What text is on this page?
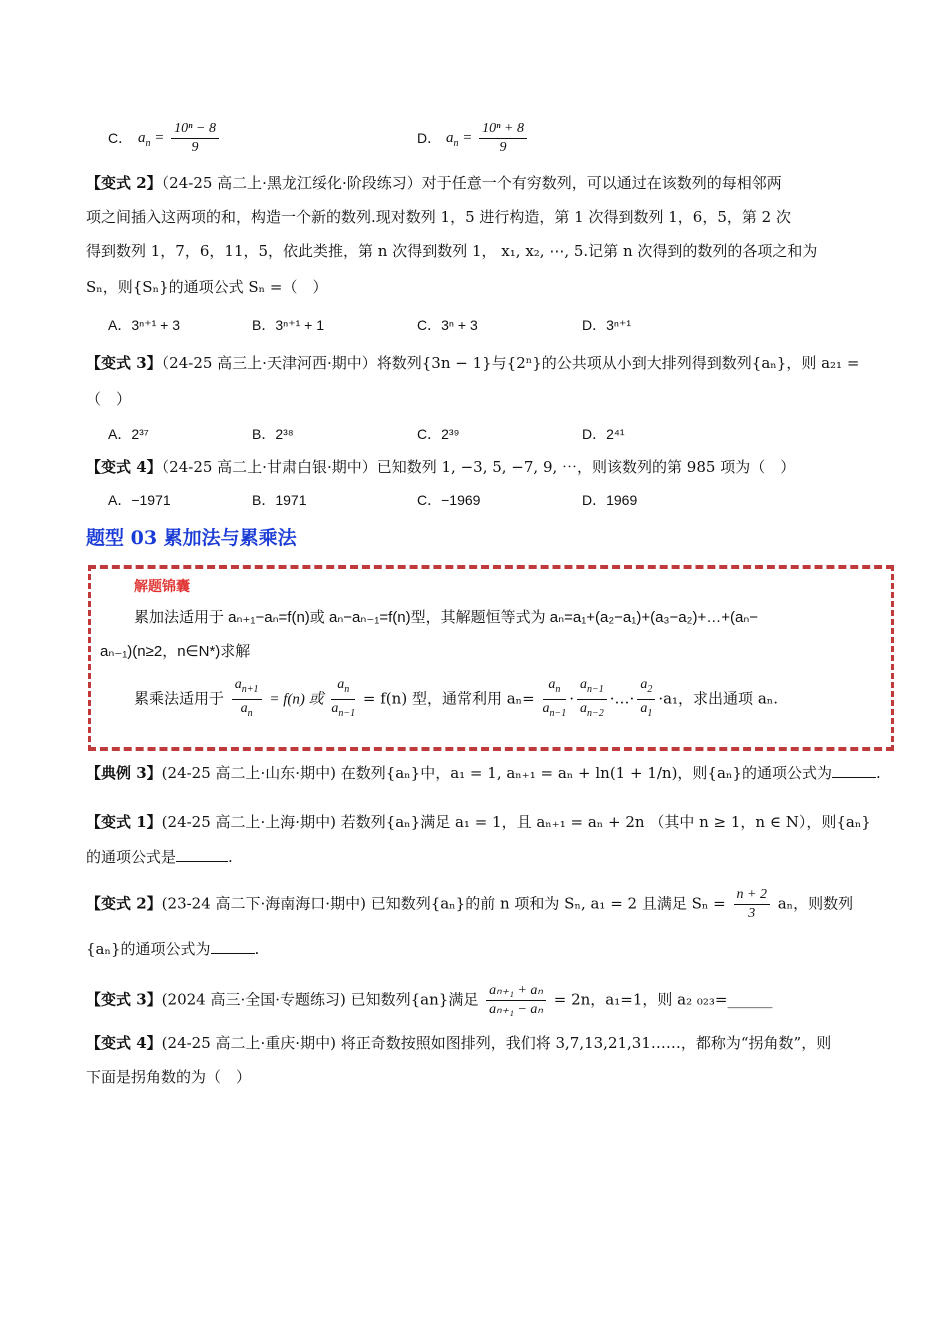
C． $a_n = \frac{\text{10ⁿ − 8}}{9}$	D． $a_n = \frac{\text{10ⁿ + 8}}{9}$
【变式 2】（24-25 高二上·黑龙江绥化·阶段练习）对于任意一个有穷数列，可以通过在该数列的每相邻两
项之间插入这两项的和，构造一个新的数列.现对数列 1，5 进行构造，第 1 次得到数列 1，6，5，第 2 次
得到数列 1，7，6，11，5，依此类推，第 n 次得到数列 1， x₁, x₂, ⋯, 5.记第 n 次得到的数列的各项之和为
Sₙ，则{Sₙ}的通项公式 Sₙ =（　）
A．3ⁿ⁺¹ + 3	B．3ⁿ⁺¹ + 1	C．3ⁿ + 3	D．3ⁿ⁺¹
【变式 3】（24-25 高三上·天津河西·期中）将数列{3n − 1}与{2ⁿ}的公共项从小到大排列得到数列{aₙ}，则 a₂₁ =
（　）
A．2³⁷	B．2³⁸	C．2³⁹	D．2⁴¹
【变式 4】（24-25 高二上·甘肃白银·期中）已知数列 1, −3, 5, −7, 9, ⋯，则该数列的第 985 项为（　）
A．−1971	B．1971	C．−1969	D．1969
题型 03 累加法与累乘法
解题锦囊
累加法适用于 aₙ₊₁−aₙ=f(n)或 aₙ−aₙ₋₁=f(n)型，其解题恒等式为 aₙ=a₁+(a₂−a₁)+(a₃−a₂)+…+(aₙ−
aₙ₋₁)(n≥2，n∈N*)求解
累乘法适用于 $\frac{a_{n+1}}{a_n} = f(n)$ 或 $\frac{a_n}{a_{n-1}} = f(n)$ 型，通常利用 $a_n= \frac{a_n}{a_{n-1}} \cdot \frac{a_{n-1}}{a_{n-2}}$ ·…· $\frac{a_2}{a_1} \cdot a_1$，求出通项 aₙ.
【典例 3】(24-25 高二上·山东·期中) 在数列{aₙ}中，a₁ = 1, aₙ₊₁ = aₙ + ln(1 + 1/n)，则{aₙ}的通项公式为	.
【变式 1】(24-25 高二上·上海·期中) 若数列{aₙ}满足 a₁ = 1，且 aₙ₊₁ = aₙ + 2n （其中 n ≥ 1，n ∈ N），则{aₙ}
的通项公式是	.
【变式 2】(23-24 高二下·海南海口·期中) 已知数列{aₙ}的前 n 项和为 Sₙ, a₁ = 2 且满足 $S_n = \frac{n + 2}{3}$ aₙ，则数列
{aₙ}的通项公式为	.
【变式 3】(2024 高三·全国·专题练习) 已知数列{an}满足 $\frac{\text{aₙ₊₁ + aₙ}}{\text{aₙ₊₁ − aₙ}} = 2n$，a₁=1，则 a₂ ₀₂₃=______
【变式 4】(24-25 高二上·重庆·期中) 将正奇数按照如图排列，我们将 3,7,13,21,31……，都称为“拐角数”，则
下面是拐角数的为（　）
